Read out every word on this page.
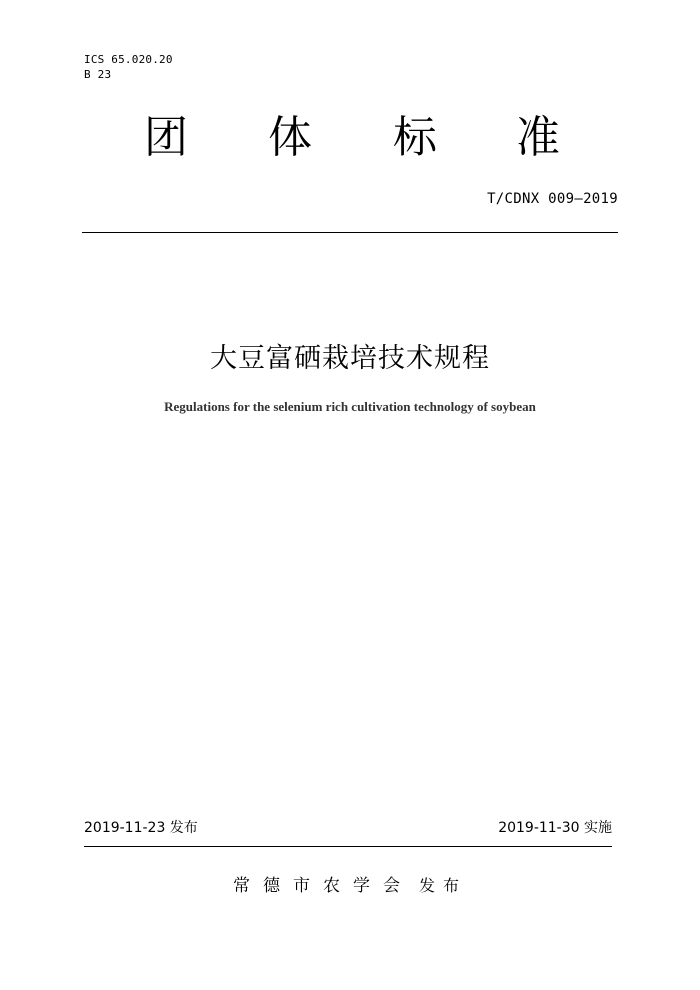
ICS 65.020.20
B 23
团 体 标 准
T/CDNX 009—2019
大豆富硒栽培技术规程
Regulations for the selenium rich cultivation technology of soybean
2019-11-23 发布	2019-11-30 实施
常德市农学会 发布
